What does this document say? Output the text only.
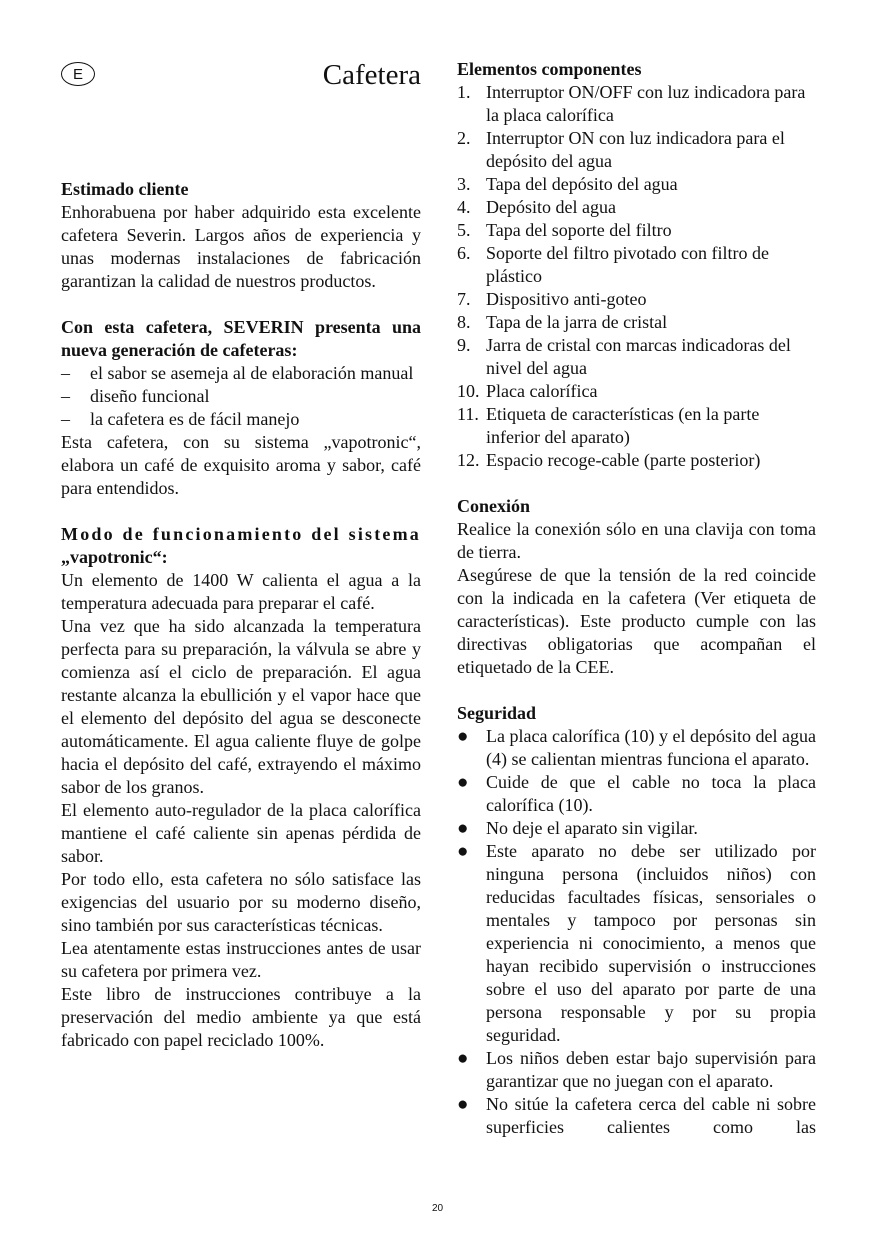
E	Cafetera

Estimado cliente

Enhorabuena por haber adquirido esta excelente cafetera Severin. Largos años de experiencia y unas modernas instalaciones de fabricación garantizan la calidad de nuestros productos.

Con esta cafetera, SEVERIN presenta una nueva generación de cafeteras:

– el sabor se asemeja al de elaboración manual
– diseño funcional
– la cafetera es de fácil manejo

Esta cafetera, con su sistema „vapotronic“, elabora un café de exquisito aroma y sabor, café para entendidos.

Modo de funcionamiento del sistema

„vapotronic“:

Un elemento de 1400 W calienta el agua a la temperatura adecuada para preparar el café.

Una vez que ha sido alcanzada la temperatura perfecta para su preparación, la válvula se abre y comienza así el ciclo de preparación. El agua restante alcanza la ebullición y el vapor hace que el elemento del depósito del agua se desconecte automáticamente. El agua caliente fluye de golpe hacia el depósito del café, extrayendo el máximo sabor de los granos.

El elemento auto-regulador de la placa calorífica mantiene el café caliente sin apenas pérdida de sabor.

Por todo ello, esta cafetera no sólo satisface las exigencias del usuario por su moderno diseño, sino también por sus características técnicas.

Lea atentamente estas instrucciones antes de usar su cafetera por primera vez.

Este libro de instrucciones contribuye a la preservación del medio ambiente ya que está fabricado con papel reciclado 100%.

Elementos componentes

1. Interruptor ON/OFF con luz indicadora para la placa calorífica
2. Interruptor ON con luz indicadora para el depósito del agua
3. Tapa del depósito del agua
4. Depósito del agua
5. Tapa del soporte del filtro
6. Soporte del filtro pivotado con filtro de plástico
7. Dispositivo anti-goteo
8. Tapa de la jarra de cristal
9. Jarra de cristal con marcas indicadoras del nivel del agua
10. Placa calorífica
11. Etiqueta de características (en la parte inferior del aparato)
12. Espacio recoge-cable (parte posterior)

Conexión

Realice la conexión sólo en una clavija con toma de tierra.

Asegúrese de que la tensión de la red coincide con la indicada en la cafetera (Ver etiqueta de características). Este producto cumple con las directivas obligatorias que acompañan el etiquetado de la CEE.

Seguridad

● La placa calorífica (10) y el depósito del agua (4) se calientan mientras funciona el aparato.
● Cuide de que el cable no toca la placa calorífica (10).
● No deje el aparato sin vigilar.
● Este aparato no debe ser utilizado por ninguna persona (incluidos niños) con reducidas facultades físicas, sensoriales o mentales y tampoco por personas sin experiencia ni conocimiento, a menos que hayan recibido supervisión o instrucciones sobre el uso del aparato por parte de una persona responsable y por su propia seguridad.
● Los niños deben estar bajo supervisión para garantizar que no juegan con el aparato.
● No sitúe la cafetera cerca del cable ni sobre superficies calientes como las
20
